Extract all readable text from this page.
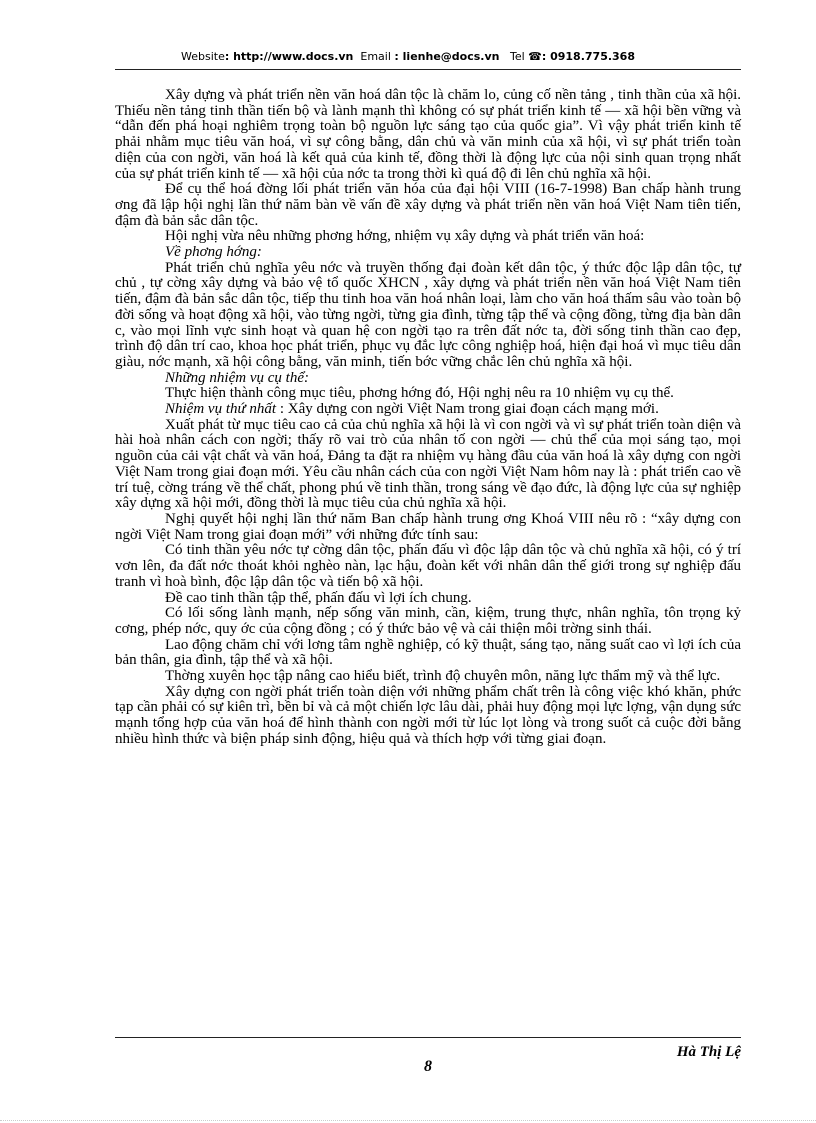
Website: http://www.docs.vn Email : lienhe@docs.vn Tel ☎: 0918.775.368

Xây dựng và phát triển nền văn hoá dân tộc là chăm lo, củng cố nền tảng , tinh thần của xã hội. Thiếu nền tảng tinh thần tiến bộ và lành mạnh thì không có sự phát triển kinh tế — xã hội bền vững và “dẫn đến phá hoại nghiêm trọng toàn bộ nguồn lực sáng tạo của quốc gia”. Vì vậy phát triển kinh tế phải nhằm mục tiêu văn hoá, vì sự công bằng, dân chủ và văn minh của xã hội, vì sự phát triển toàn diện của con ngời, văn hoá là kết quả của kinh tế, đồng thời là động lực của nội sinh quan trọng nhất của sự phát triển kinh tế — xã hội của nớc ta trong thời kì quá độ đi lên chủ nghĩa xã hội.

Để cụ thể hoá đờng lối phát triển văn hóa của đại hội VIII (16-7-1998) Ban chấp hành trung ơng đã lập hội nghị lần thứ năm bàn về vấn đề xây dựng và phát triển nền văn hoá Việt Nam tiên tiến, đậm đà bản sắc dân tộc.

Hội nghị vừa nêu những phơng hớng, nhiệm vụ xây dựng và phát triển văn hoá:

Về phơng hớng:

Phát triển chủ nghĩa yêu nớc và truyền thống đại đoàn kết dân tộc, ý thức độc lập dân tộc, tự chủ , tự cờng xây dựng và bảo vệ tổ quốc XHCN , xây dựng và phát triển nền văn hoá Việt Nam tiên tiến, đậm đà bản sắc dân tộc, tiếp thu tinh hoa văn hoá nhân loại, làm cho văn hoá thấm sâu vào toàn bộ đời sống và hoạt động xã hội, vào từng ngời, từng gia đình, từng tập thể và cộng đồng, từng địa bàn dân c, vào mọi lĩnh vực sinh hoạt và quan hệ con ngời tạo ra trên đất nớc ta, đời sống tinh thần cao đẹp, trình độ dân trí cao, khoa học phát triển, phục vụ đắc lực công nghiệp hoá, hiện đại hoá vì mục tiêu dân giàu, nớc mạnh, xã hội công bằng, văn minh, tiến bớc vững chắc lên chủ nghĩa xã hội.

Những nhiệm vụ cụ thể:

Thực hiện thành công mục tiêu, phơng hớng đó, Hội nghị nêu ra 10 nhiệm vụ cụ thể.

Nhiệm vụ thứ nhất : Xây dựng con ngời Việt Nam trong giai đoạn cách mạng mới.

Xuất phát từ mục tiêu cao cả của chủ nghĩa xã hội là vì con ngời và vì sự phát triển toàn diện và hài hoà nhân cách con ngời; thấy rõ vai trò của nhân tố con ngời — chủ thể của mọi sáng tạo, mọi nguồn của cải vật chất và văn hoá, Đảng ta đặt ra nhiệm vụ hàng đầu của văn hoá là xây dựng con ngời Việt Nam trong giai đoạn mới. Yêu cầu nhân cách của con ngời Việt Nam hôm nay là : phát triển cao về trí tuệ, cờng tráng về thể chất, phong phú về tinh thần, trong sáng về đạo đức, là động lực của sự nghiệp xây dựng xã hội mới, đồng thời là mục tiêu của chủ nghĩa xã hội.

Nghị quyết hội nghị lần thứ năm Ban chấp hành trung ơng Khoá VIII nêu rõ : “xây dựng con ngời Việt Nam trong giai đoạn mới” với những đức tính sau:

Có tinh thần yêu nớc tự cờng dân tộc, phấn đấu vì độc lập dân tộc và chủ nghĩa xã hội, có ý trí vơn lên, đa đất nớc thoát khỏi nghèo nàn, lạc hậu, đoàn kết với nhân dân thế giới trong sự nghiệp đấu tranh vì hoà bình, độc lập dân tộc và tiến bộ xã hội.

Đề cao tinh thần tập thể, phấn đấu vì lợi ích chung.

Có lối sống lành mạnh, nếp sống văn minh, cần, kiệm, trung thực, nhân nghĩa, tôn trọng kỷ cơng, phép nớc, quy ớc của cộng đồng ; có ý thức bảo vệ và cải thiện môi trờng sinh thái.

Lao động chăm chỉ với lơng tâm nghề nghiệp, có kỹ thuật, sáng tạo, năng suất cao vì lợi ích của bản thân, gia đình, tập thể và xã hội.

Thờng xuyên học tập nâng cao hiểu biết, trình độ chuyên môn, năng lực thẩm mỹ và thể lực.

Xây dựng con ngời phát triển toàn diện với những phẩm chất trên là công việc khó khăn, phức tạp cần phải có sự kiên trì, bền bỉ và cả một chiến lợc lâu dài, phải huy động mọi lực lợng, vận dụng sức mạnh tổng hợp của văn hoá để hình thành con ngời mới từ lúc lọt lòng và trong suốt cả cuộc đời bằng nhiều hình thức và biện pháp sinh động, hiệu quả và thích hợp với từng giai đoạn.

Hà Thị Lệ
8
